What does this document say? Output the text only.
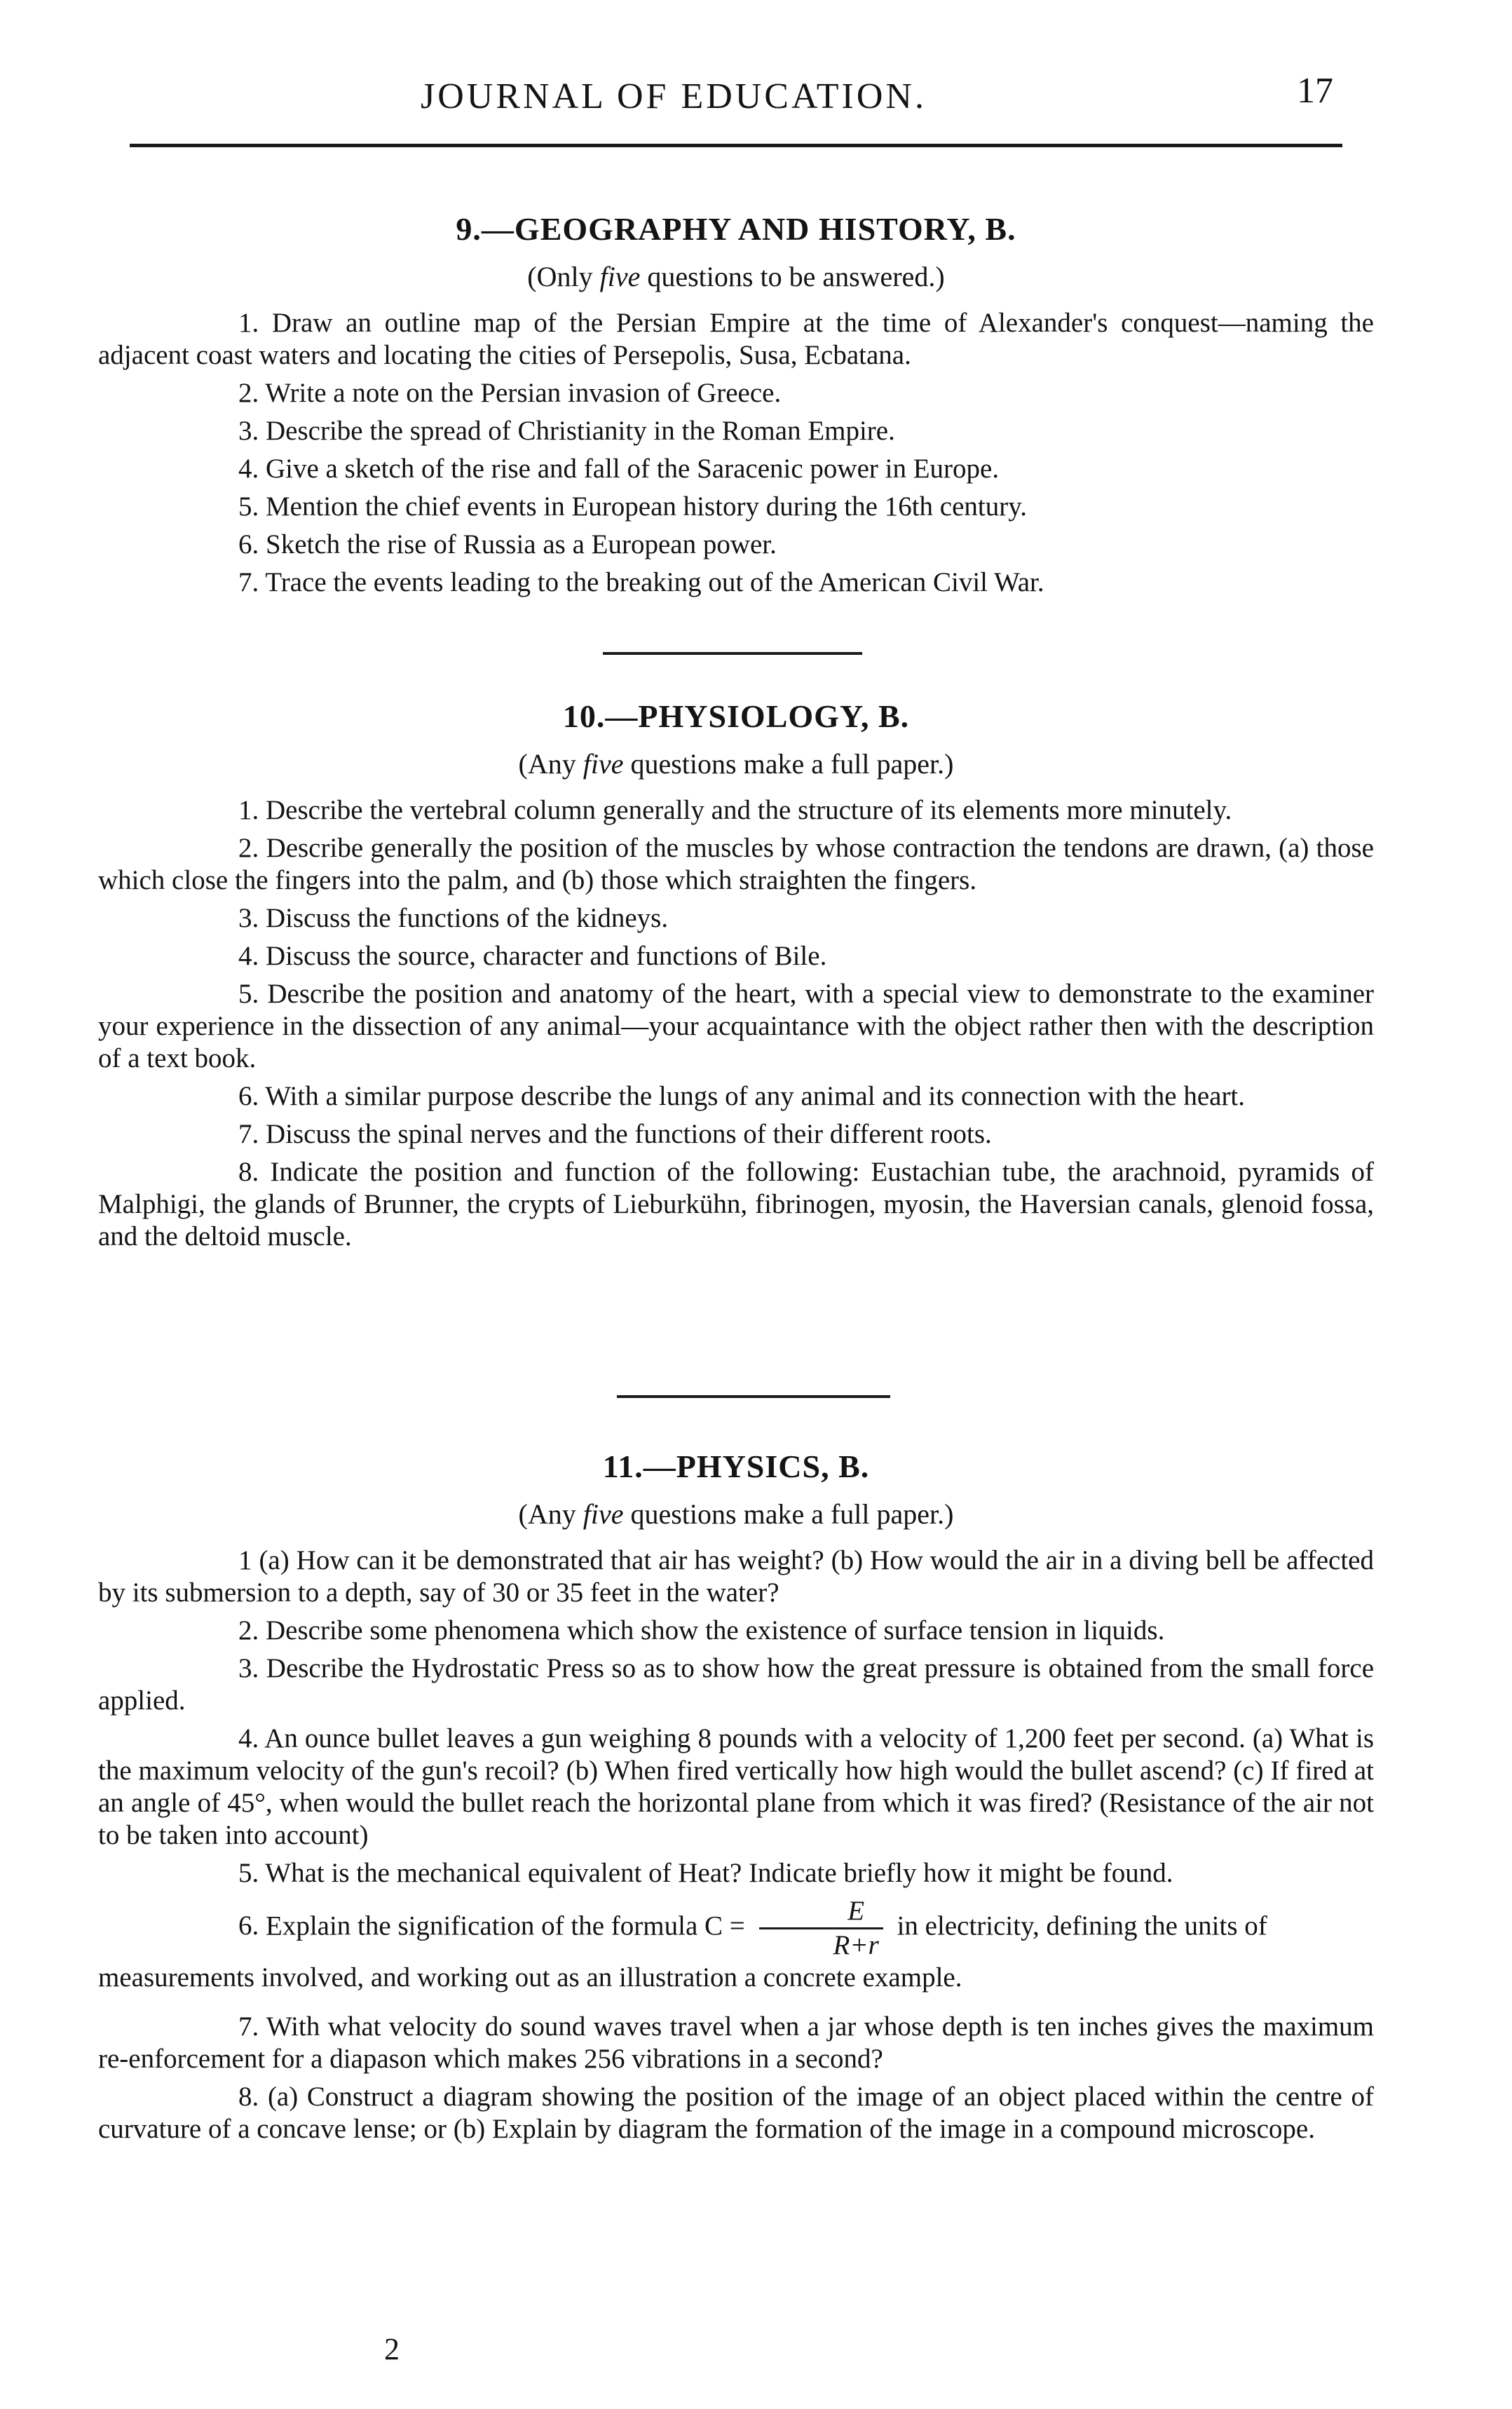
JOURNAL OF EDUCATION.	17
9.—GEOGRAPHY AND HISTORY, B.
(Only five questions to be answered.)

1. Draw an outline map of the Persian Empire at the time of Alexander's conquest—naming the adjacent coast waters and locating the cities of Persepolis, Susa, Ecbatana.

2. Write a note on the Persian invasion of Greece.

3. Describe the spread of Christianity in the Roman Empire.

4. Give a sketch of the rise and fall of the Saracenic power in Europe.

5. Mention the chief events in European history during the 16th century.

6. Sketch the rise of Russia as a European power.

7. Trace the events leading to the breaking out of the American Civil War.

10.—PHYSIOLOGY, B.
(Any five questions make a full paper.)

1. Describe the vertebral column generally and the structure of its elements more minutely.

2. Describe generally the position of the muscles by whose contraction the tendons are drawn, (a) those which close the fingers into the palm, and (b) those which straighten the fingers.

3. Discuss the functions of the kidneys.

4. Discuss the source, character and functions of Bile.

5. Describe the position and anatomy of the heart, with a special view to demonstrate to the examiner your experience in the dissection of any animal—your acquaintance with the object rather then with the description of a text book.

6. With a similar purpose describe the lungs of any animal and its connection with the heart.

7. Discuss the spinal nerves and the functions of their different roots.

8. Indicate the position and function of the following: Eustachian tube, the arachnoid, pyramids of Malphigi, the glands of Brunner, the crypts of Lieburkühn, fibrinogen, myosin, the Haversian canals, glenoid fossa, and the deltoid muscle.

11.—PHYSICS, B.
(Any five questions make a full paper.)

1 (a) How can it be demonstrated that air has weight? (b) How would the air in a diving bell be affected by its submersion to a depth, say of 30 or 35 feet in the water?

2. Describe some phenomena which show the existence of surface tension in liquids.

3. Describe the Hydrostatic Press so as to show how the great pressure is obtained from the small force applied.

4. An ounce bullet leaves a gun weighing 8 pounds with a velocity of 1,200 feet per second. (a) What is the maximum velocity of the gun's recoil? (b) When fired vertically how high would the bullet ascend? (c) If fired at an angle of 45°, when would the bullet reach the horizontal plane from which it was fired? (Resistance of the air not to be taken into account)

5. What is the mechanical equivalent of Heat? Indicate briefly how it might be found.

6. Explain the signification of the formula $C = \frac{E}{R+r}$ in electricity, defining the units of measurements involved, and working out as an illustration a concrete example.

7. With what velocity do sound waves travel when a jar whose depth is ten inches gives the maximum re-enforcement for a diapason which makes 256 vibrations in a second?

8. (a) Construct a diagram showing the position of the image of an object placed within the centre of curvature of a concave lense; or (b) Explain by diagram the formation of the image in a compound microscope.

2
